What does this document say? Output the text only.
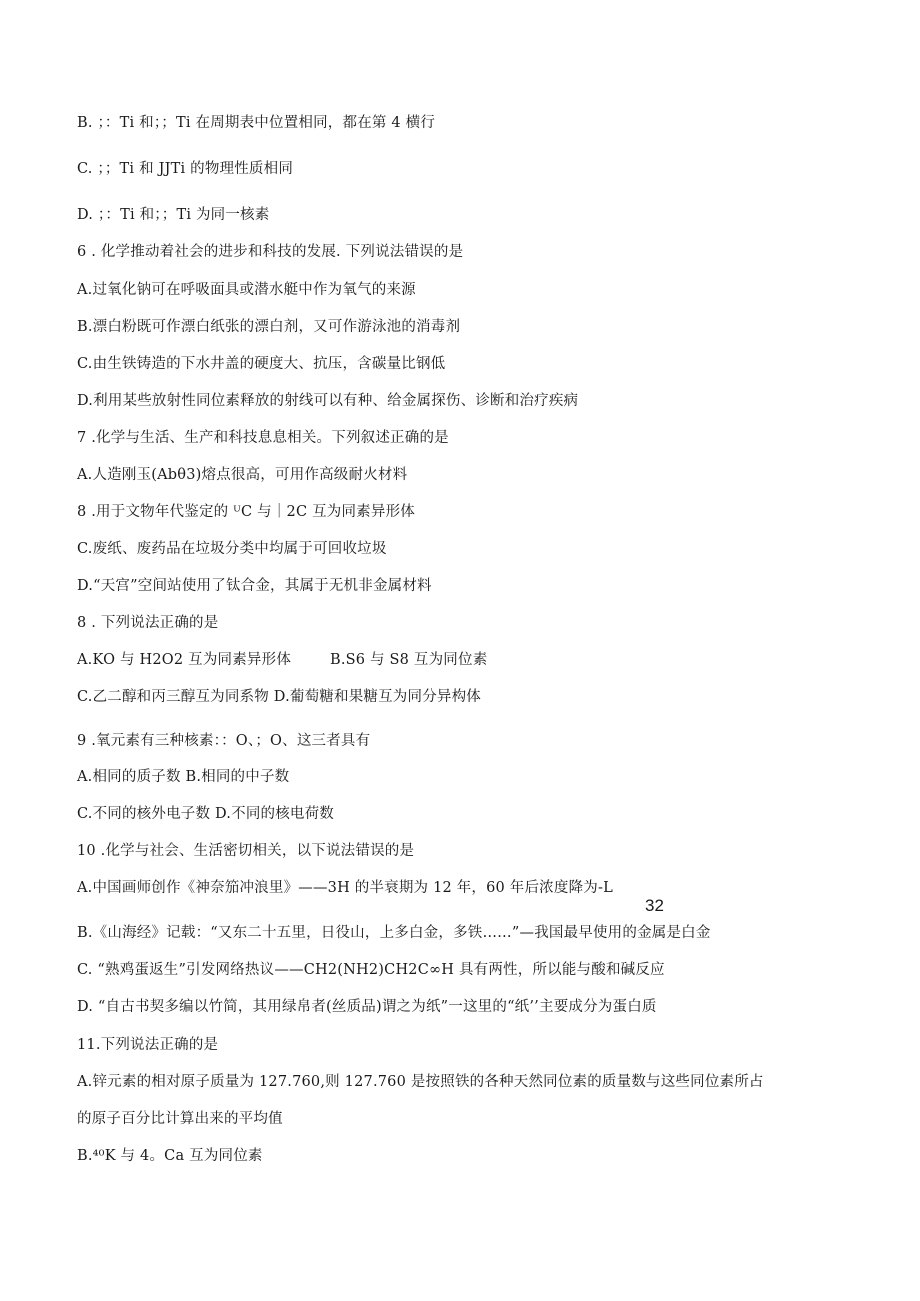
B. ；：Ti 和；；Ti 在周期表中位置相同，都在第 4 横行
C. ；；Ti 和 JJTi 的物理性质相同
D. ；：Ti 和；；Ti 为同一核素
6 . 化学推动着社会的进步和科技的发展. 下列说法错误的是
A.过氧化钠可在呼吸面具或潜水艇中作为氧气的来源
B.漂白粉既可作漂白纸张的漂白剂，又可作游泳池的消毒剂
C.由生铁铸造的下水井盖的硬度大、抗压，含碳量比钢低
D.利用某些放射性同位素释放的射线可以有种、给金属探伤、诊断和治疗疾病
7 .化学与生活、生产和科技息息相关。下列叙述正确的是
A.人造刚玉(Abθ3)熔点很高，可用作高级耐火材料
8 .用于文物年代鉴定的 ᵁC 与｜2C 互为同素异形体
C.废纸、废药品在垃圾分类中均属于可回收垃圾
D.“天宫”空间站使用了钛合金，其属于无机非金属材料
8 . 下列说法正确的是
A.KO 与 H2O2 互为同素异形体	B.S6 与 S8 互为同位素
C.乙二醇和丙三醇互为同系物 D.葡萄糖和果糖互为同分异构体
9 .氧元素有三种核素：：O、；O、这三者具有
A.相同的质子数 B.相同的中子数
C.不同的核外电子数 D.不同的核电荷数
10 .化学与社会、生活密切相关，以下说法错误的是
A.中国画师创作《神奈笳冲浪里》——3H 的半衰期为 12 年，60 年后浓度降为-L
32
B.《山海经》记载：“又东二十五里，日役山，上多白金，多铁……”—我国最早使用的金属是白金
C. “熟鸡蛋返生”引发网络热议——CH2(NH2)CH2C∞H 具有两性，所以能与酸和碱反应
D. “自古书契多编以竹简，其用绿帛者(丝质品)谓之为纸”一这里的“纸’’主要成分为蛋白质
11.下列说法正确的是
A.锌元素的相对原子质量为 127.760,则 127.760 是按照铁的各种天然同位素的质量数与这些同位素所占
的原子百分比计算出来的平均值
B.⁴⁰K 与 4。Ca 互为同位素
